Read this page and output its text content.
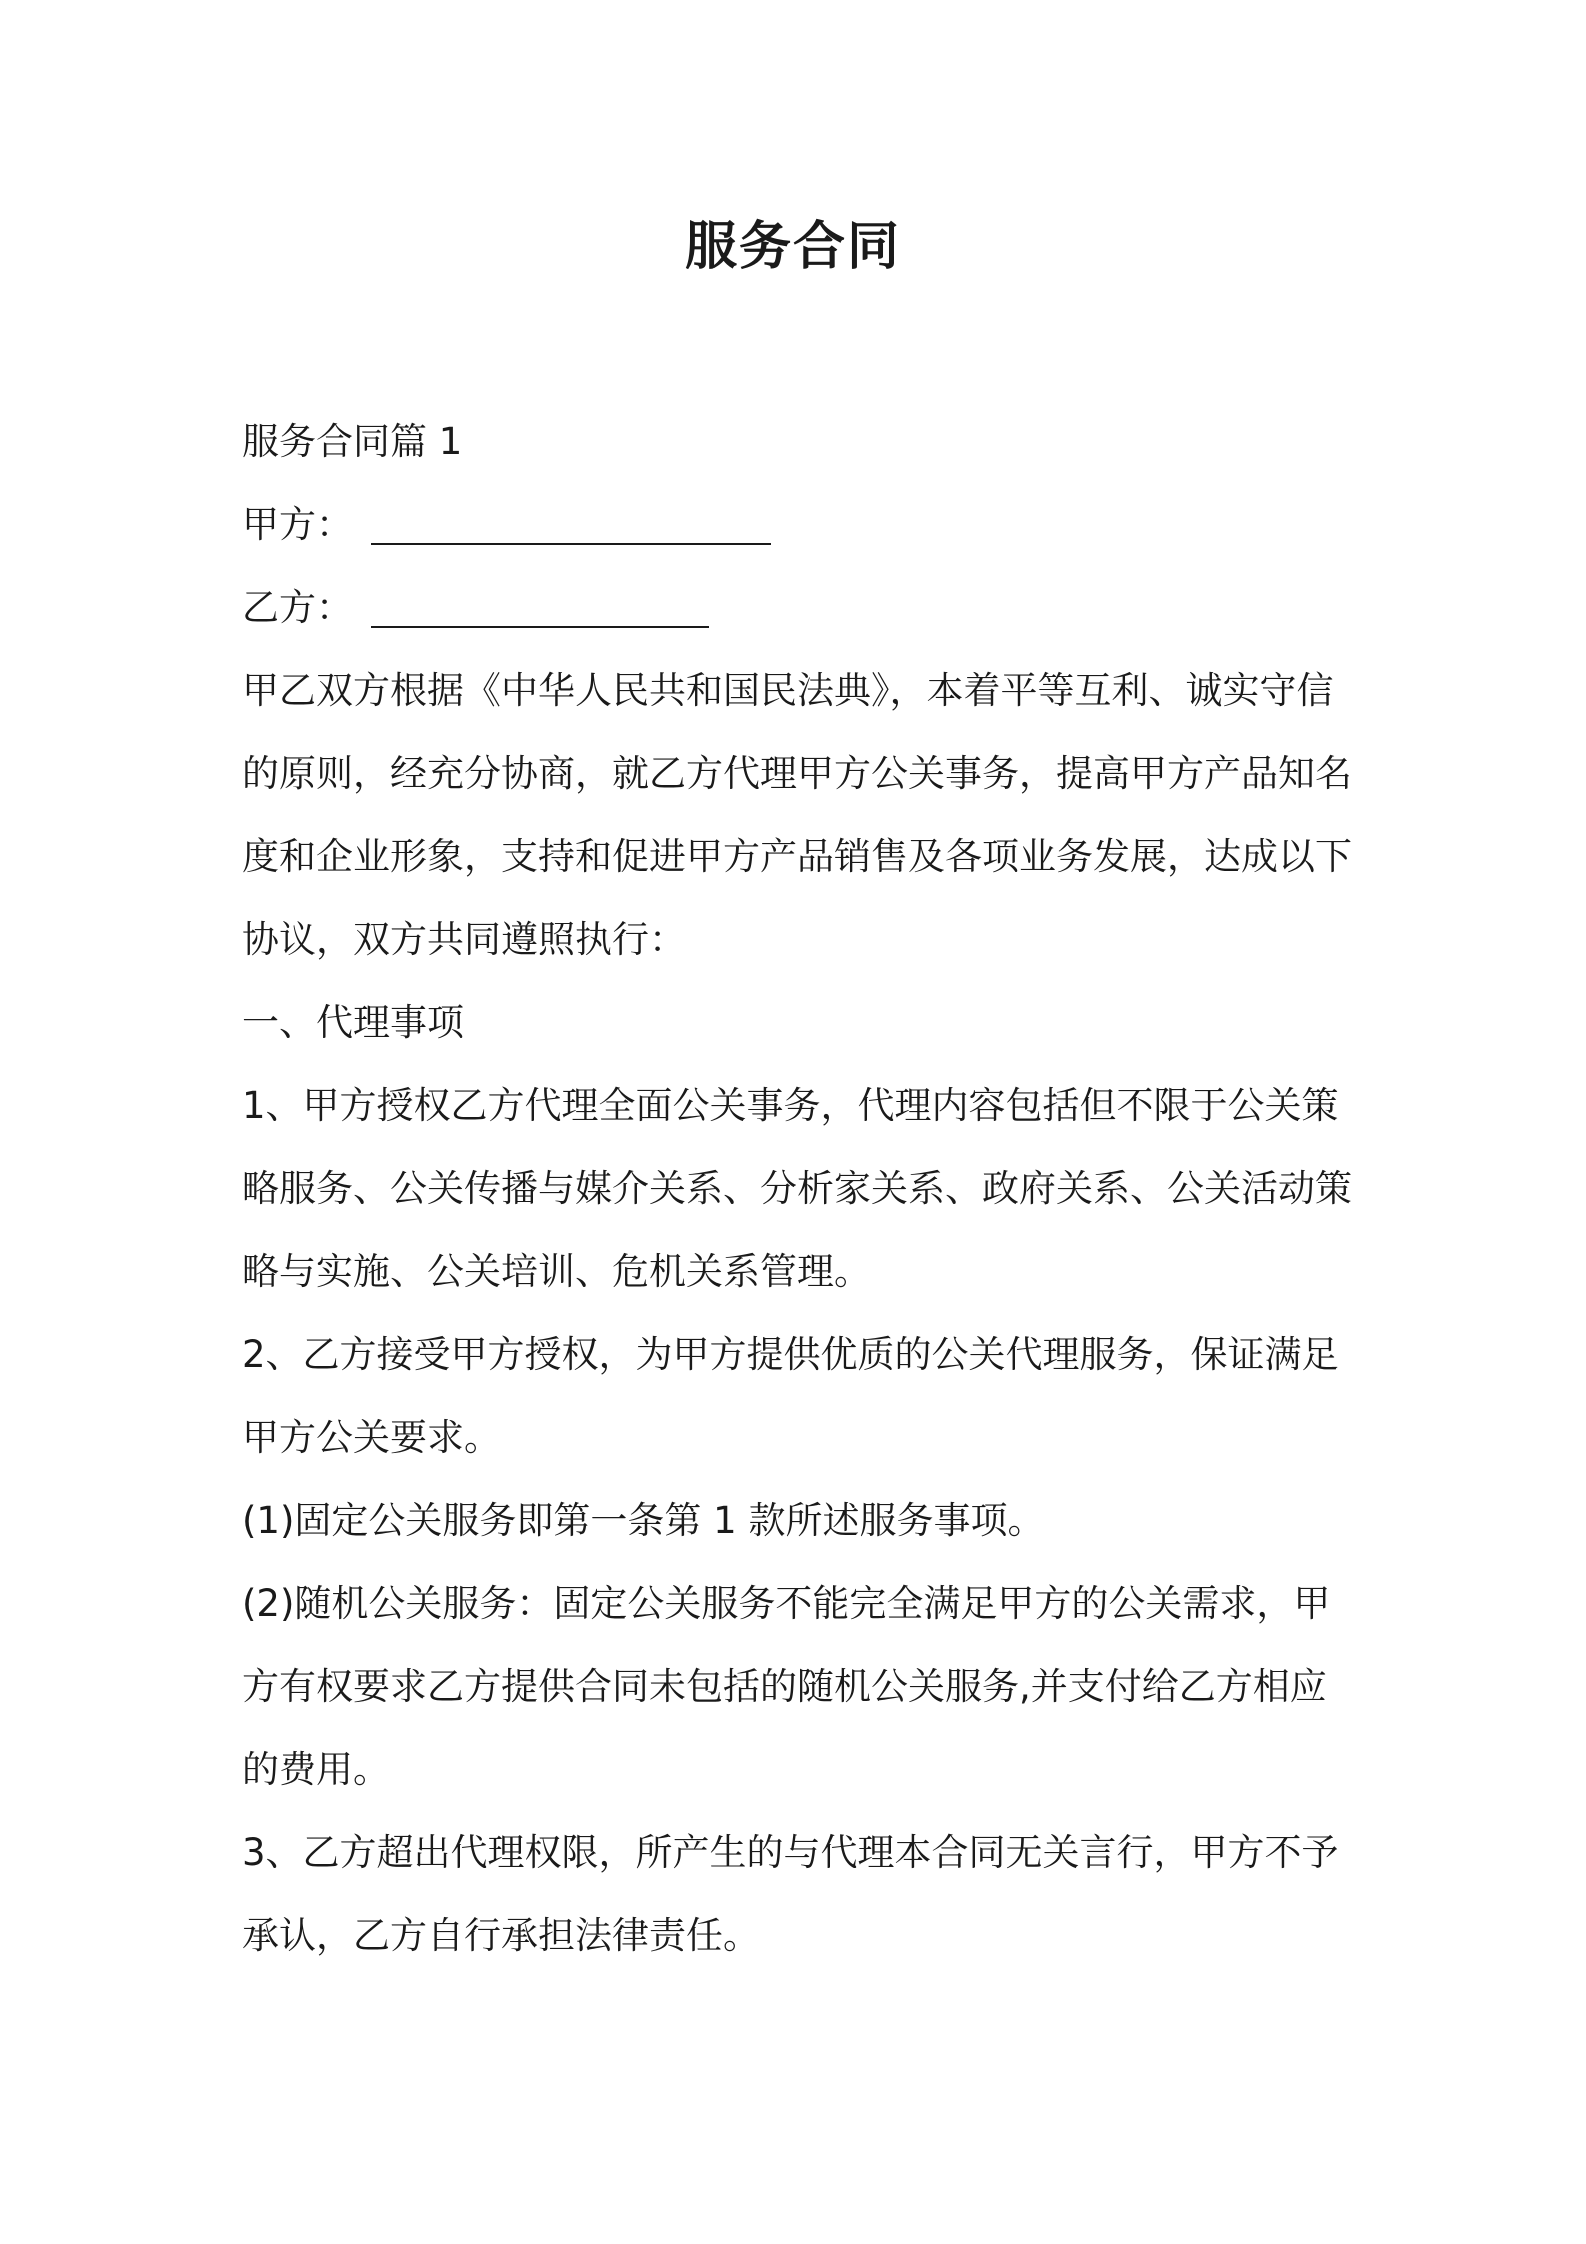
服务合同
服务合同篇 1
甲方：
乙方：
甲乙双方根据《中华人民共和国民法典》，本着平等互利、诚实守信
的原则，经充分协商，就乙方代理甲方公关事务，提高甲方产品知名
度和企业形象，支持和促进甲方产品销售及各项业务发展，达成以下
协议，双方共同遵照执行：
一、代理事项
1、甲方授权乙方代理全面公关事务，代理内容包括但不限于公关策
略服务、公关传播与媒介关系、分析家关系、政府关系、公关活动策
略与实施、公关培训、危机关系管理。
2、乙方接受甲方授权，为甲方提供优质的公关代理服务，保证满足
甲方公关要求。
(1)固定公关服务即第一条第 1 款所述服务事项。
(2)随机公关服务：固定公关服务不能完全满足甲方的公关需求，甲
方有权要求乙方提供合同未包括的随机公关服务,并支付给乙方相应
的费用。
3、乙方超出代理权限，所产生的与代理本合同无关言行，甲方不予
承认，乙方自行承担法律责任。
